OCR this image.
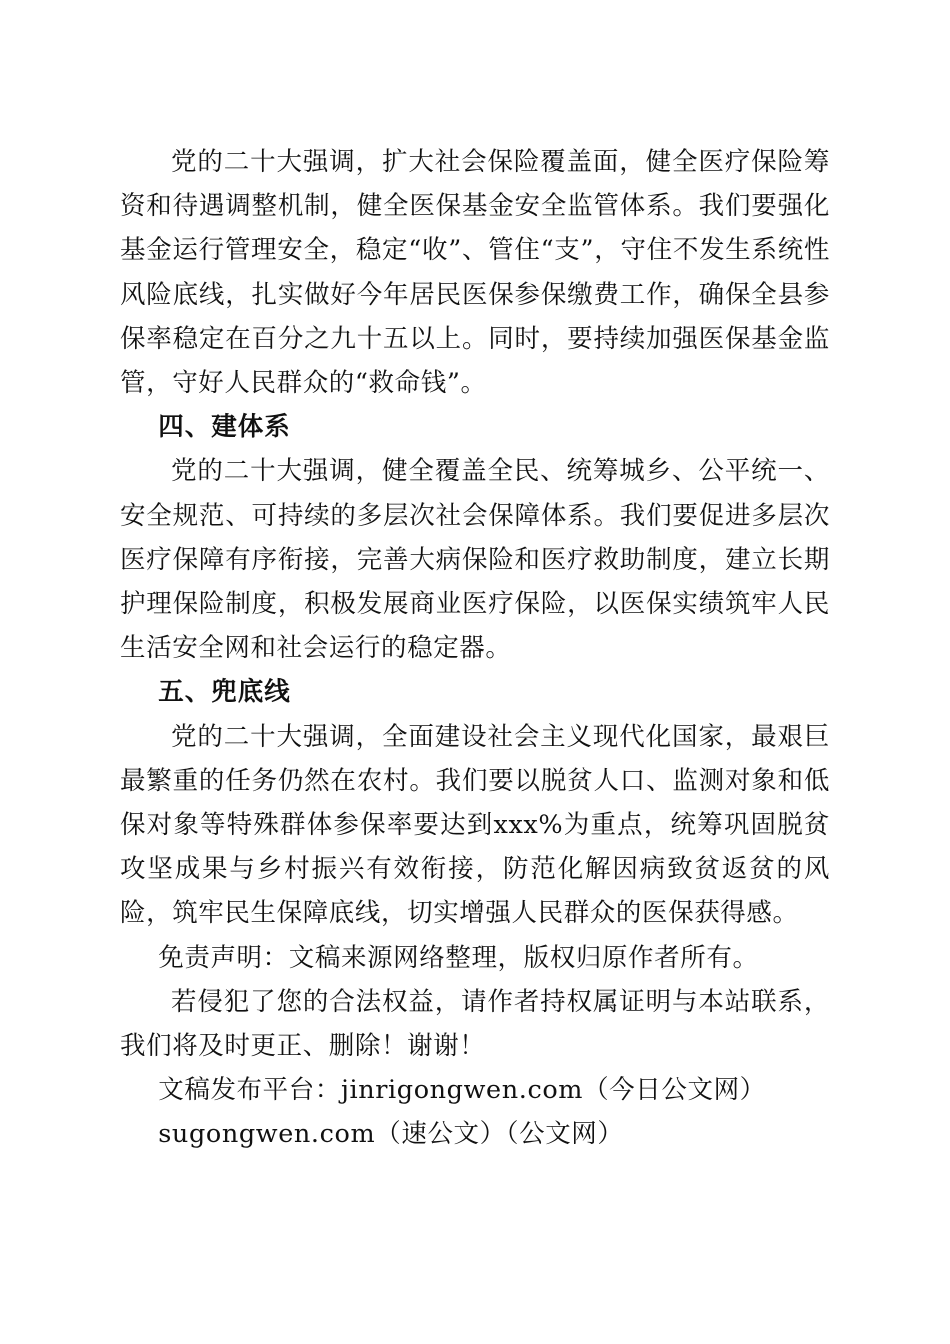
党的二十大强调，扩大社会保险覆盖面，健全医疗保险筹资和待遇调整机制，健全医保基金安全监管体系。我们要强化基金运行管理安全，稳定“收”、管住“支”，守住不发生系统性风险底线，扎实做好今年居民医保参保缴费工作，确保全县参保率稳定在百分之九十五以上。同时，要持续加强医保基金监管，守好人民群众的“救命钱”。

四、建体系

党的二十大强调，健全覆盖全民、统筹城乡、公平统一、安全规范、可持续的多层次社会保障体系。我们要促进多层次医疗保障有序衔接，完善大病保险和医疗救助制度，建立长期护理保险制度，积极发展商业医疗保险，以医保实绩筑牢人民生活安全网和社会运行的稳定器。

五、兜底线

党的二十大强调，全面建设社会主义现代化国家，最艰巨最繁重的任务仍然在农村。我们要以脱贫人口、监测对象和低保对象等特殊群体参保率要达到xxx%为重点，统筹巩固脱贫攻坚成果与乡村振兴有效衔接，防范化解因病致贫返贫的风险，筑牢民生保障底线，切实增强人民群众的医保获得感。

免责声明：文稿来源网络整理，版权归原作者所有。

若侵犯了您的合法权益，请作者持权属证明与本站联系，我们将及时更正、删除！谢谢！

文稿发布平台：jinrigongwen.com（今日公文网）

sugongwen.com（速公文）（公文网）
